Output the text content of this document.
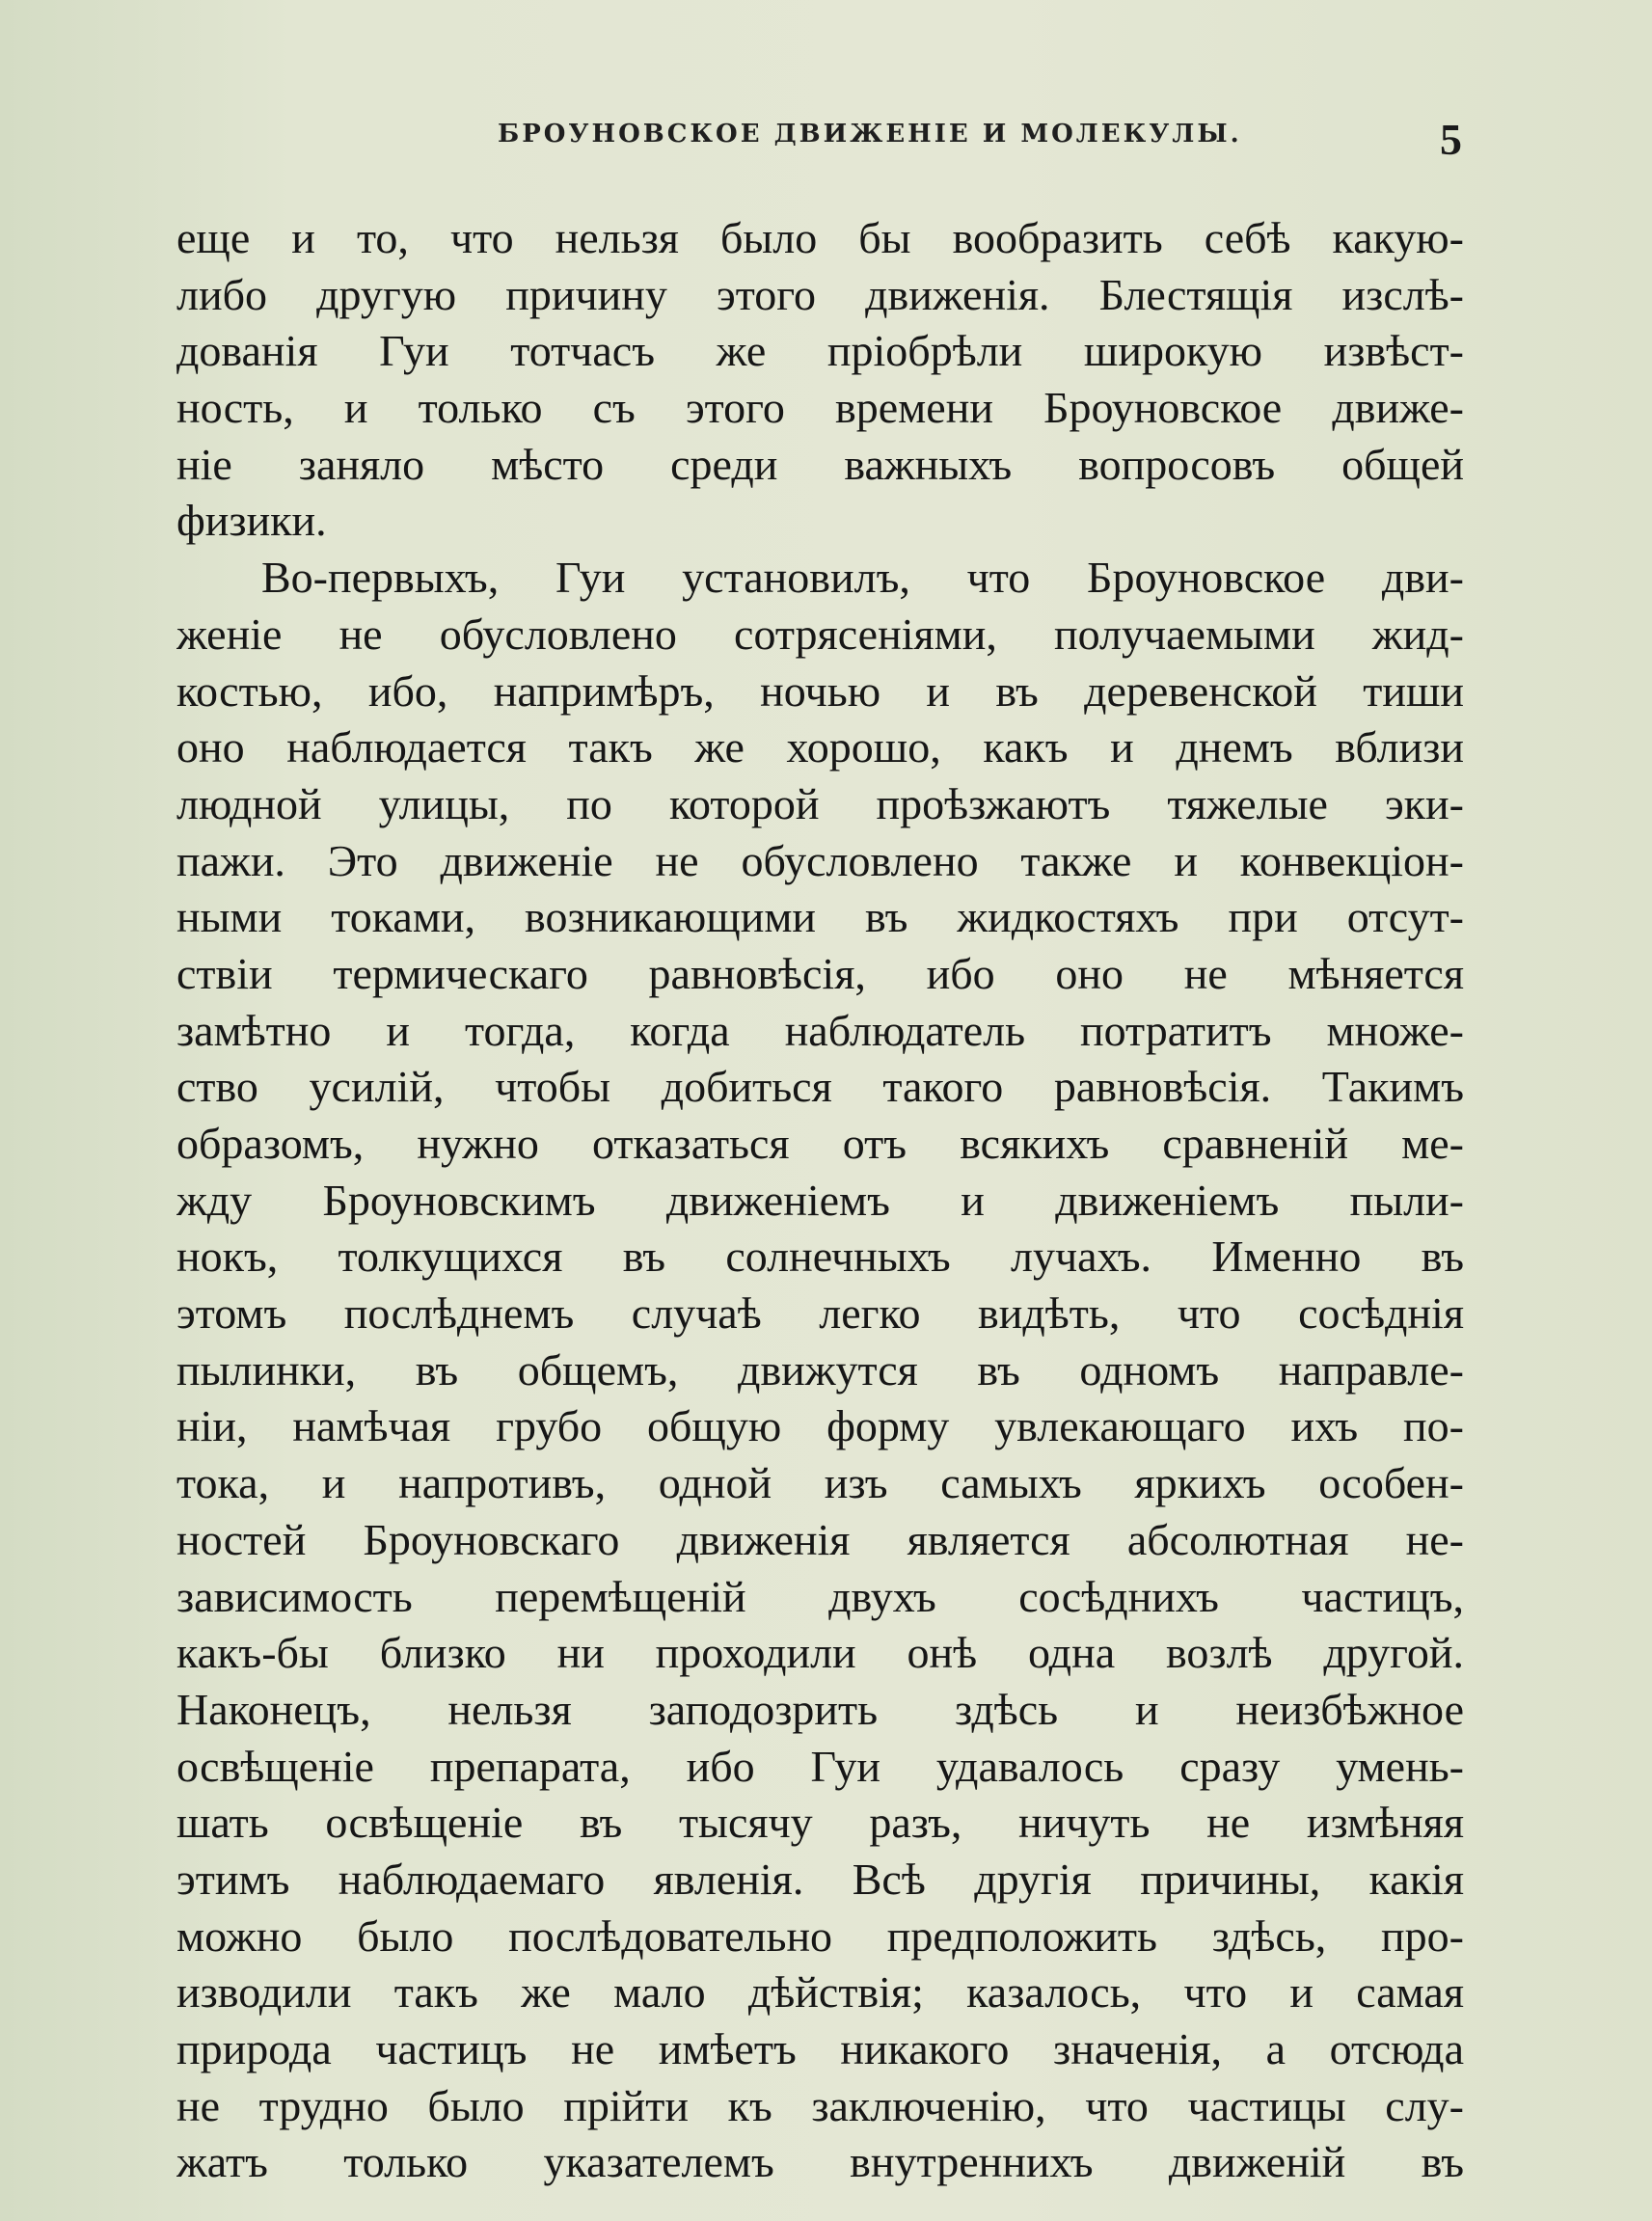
БРОУНОВСКОЕ ДВИЖЕНІЕ И МОЛЕКУЛЫ.	5
еще и то, что нельзя было бы вообразить себѣ какую-
либо другую причину этого движенія. Блестящія изслѣ-
дованія Гуи тотчасъ же пріобрѣли широкую извѣст-
ность, и только съ этого времени Броуновское движе-
ніе заняло мѣсто среди важныхъ вопросовъ общей
физики.
Во-первыхъ, Гуи установилъ, что Броуновское дви-
женіе не обусловлено сотрясеніями, получаемыми жид-
костью, ибо, напримѣръ, ночью и въ деревенской тиши
оно наблюдается такъ же хорошо, какъ и днемъ вблизи
людной улицы, по которой проѣзжаютъ тяжелые эки-
пажи. Это движеніе не обусловлено также и конвекціон-
ными токами, возникающими въ жидкостяхъ при отсут-
ствіи термическаго равновѣсія, ибо оно не мѣняется
замѣтно и тогда, когда наблюдатель потратитъ множе-
ство усилій, чтобы добиться такого равновѣсія. Такимъ
образомъ, нужно отказаться отъ всякихъ сравненій ме-
жду Броуновскимъ движеніемъ и движеніемъ пыли-
нокъ, толкущихся въ солнечныхъ лучахъ. Именно въ
этомъ послѣднемъ случаѣ легко видѣть, что сосѣднія
пылинки, въ общемъ, движутся въ одномъ направле-
ніи, намѣчая грубо общую форму увлекающаго ихъ по-
тока, и напротивъ, одной изъ самыхъ яркихъ особен-
ностей Броуновскаго движенія является абсолютная не-
зависимость перемѣщеній двухъ сосѣднихъ частицъ,
какъ-бы близко ни проходили онѣ одна возлѣ другой.
Наконецъ, нельзя заподозрить здѣсь и неизбѣжное
освѣщеніе препарата, ибо Гуи удавалось сразу умень-
шать освѣщеніе въ тысячу разъ, ничуть не измѣняя
этимъ наблюдаемаго явленія. Всѣ другія причины, какія
можно было послѣдовательно предположить здѣсь, про-
изводили такъ же мало дѣйствія; казалось, что и самая
природа частицъ не имѣетъ никакого значенія, а отсюда
не трудно было прійти къ заключенію, что частицы слу-
жатъ только указателемъ внутреннихъ движеній въ
